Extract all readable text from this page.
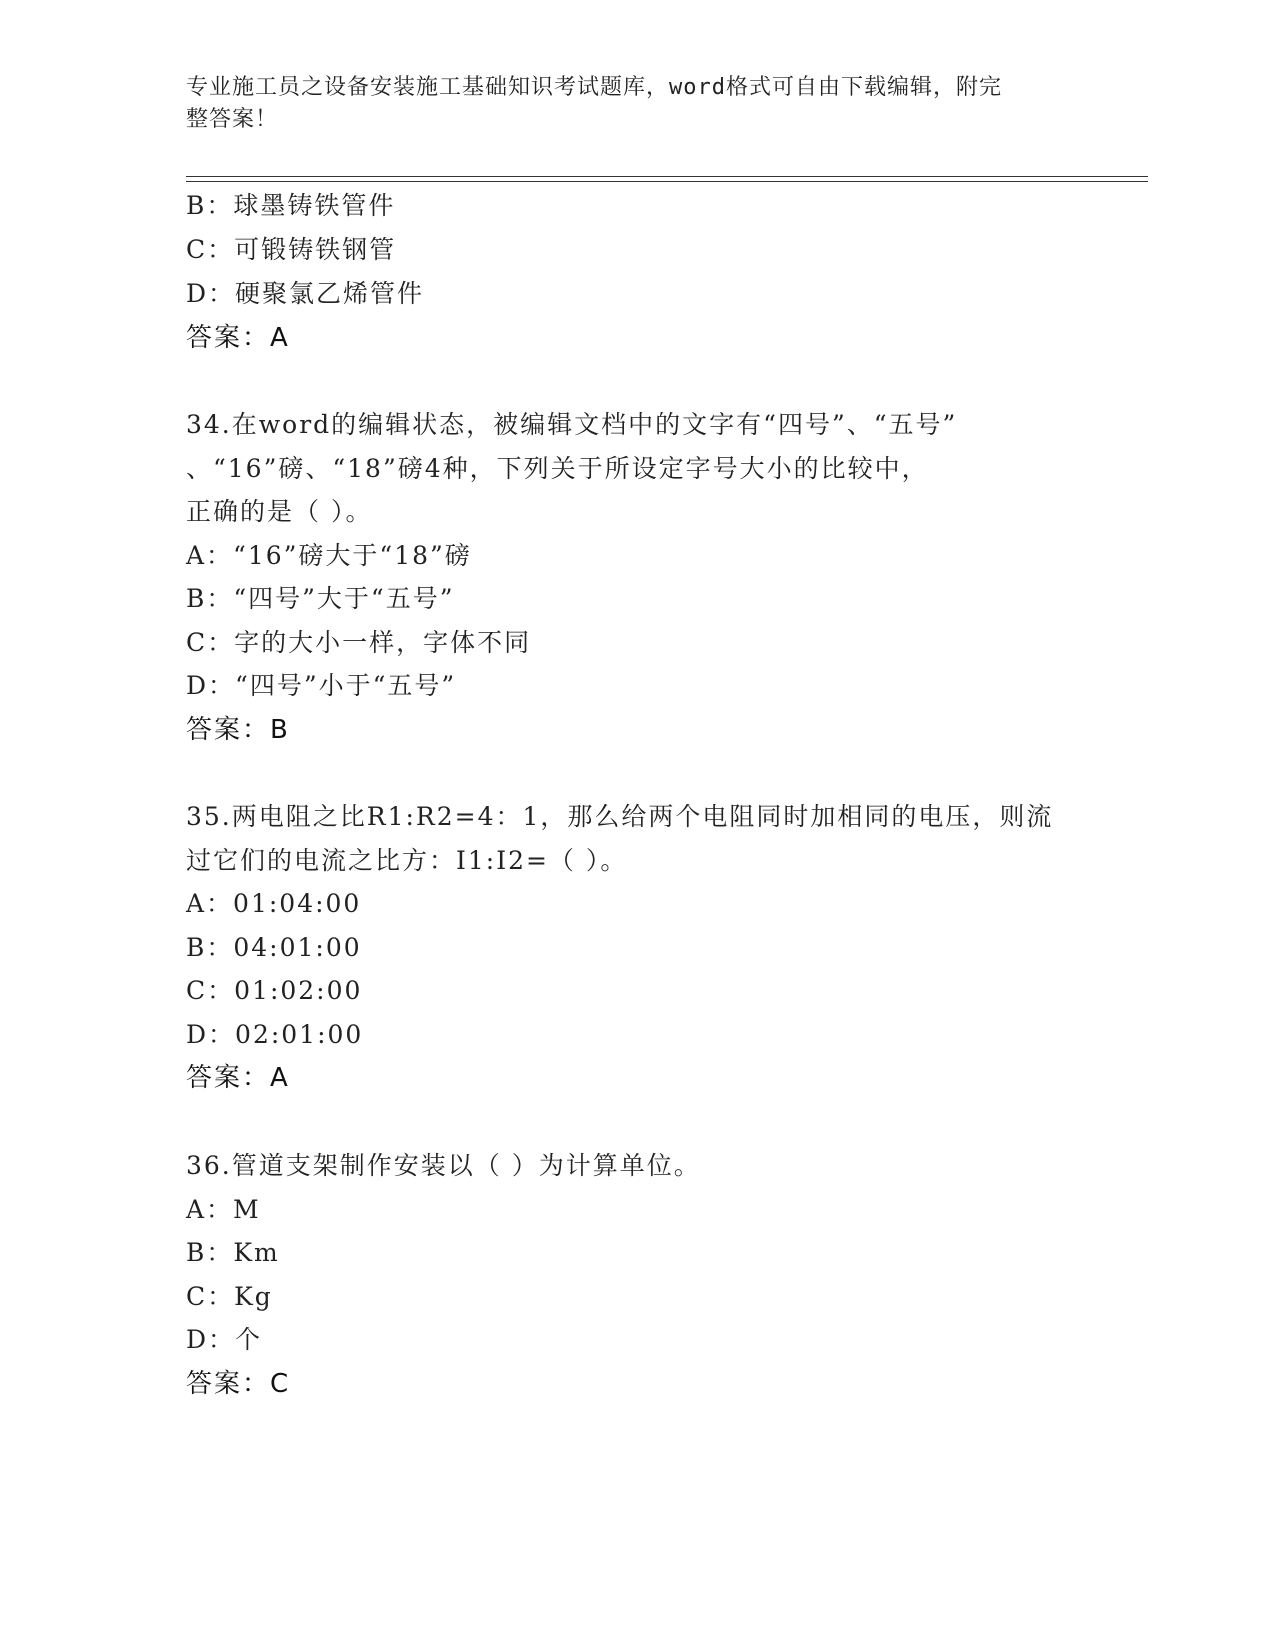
专业施工员之设备安装施工基础知识考试题库，word格式可自由下载编辑，附完
整答案！
B：球墨铸铁管件
C：可锻铸铁钢管
D：硬聚氯乙烯管件
答案：A
34.在word的编辑状态，被编辑文档中的文字有“四号”、“五号”
、“16”磅、“18”磅4种，下列关于所设定字号大小的比较中，
正确的是（ ）。
A：“16”磅大于“18”磅
B：“四号”大于“五号”
C：字的大小一样，字体不同
D：“四号”小于“五号”
答案：B
35.两电阻之比R1:R2=4：1，那么给两个电阻同时加相同的电压，则流
过它们的电流之比方：I1:I2=（ ）。
A：01:04:00
B：04:01:00
C：01:02:00
D：02:01:00
答案：A
36.管道支架制作安装以（ ）为计算单位。
A：M
B：Km
C：Kg
D：个
答案：C
